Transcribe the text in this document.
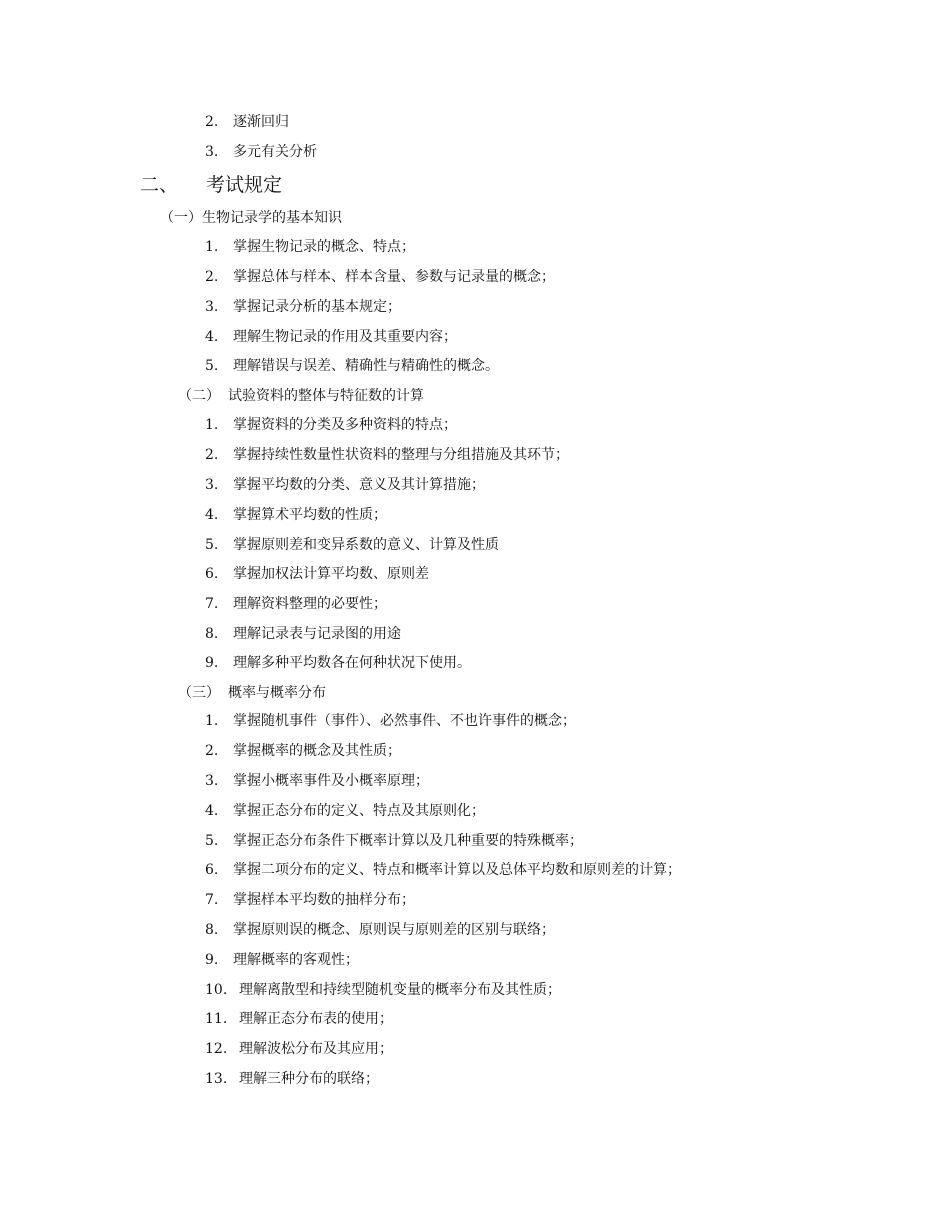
2. 逐渐回归
3. 多元有关分析
二、 考试规定
（一）生物记录学的基本知识
1. 掌握生物记录的概念、特点；
2. 掌握总体与样本、样本含量、参数与记录量的概念；
3. 掌握记录分析的基本规定；
4. 理解生物记录的作用及其重要内容；
5. 理解错误与误差、精确性与精确性的概念。
（二） 试验资料的整体与特征数的计算
1. 掌握资料的分类及多种资料的特点；
2. 掌握持续性数量性状资料的整理与分组措施及其环节；
3. 掌握平均数的分类、意义及其计算措施；
4. 掌握算术平均数的性质；
5. 掌握原则差和变异系数的意义、计算及性质
6. 掌握加权法计算平均数、原则差
7. 理解资料整理的必要性；
8. 理解记录表与记录图的用途
9. 理解多种平均数各在何种状况下使用。
（三） 概率与概率分布
1. 掌握随机事件（事件）、必然事件、不也许事件的概念；
2. 掌握概率的概念及其性质；
3. 掌握小概率事件及小概率原理；
4. 掌握正态分布的定义、特点及其原则化；
5. 掌握正态分布条件下概率计算以及几种重要的特殊概率；
6. 掌握二项分布的定义、特点和概率计算以及总体平均数和原则差的计算；
7. 掌握样本平均数的抽样分布；
8. 掌握原则误的概念、原则误与原则差的区别与联络；
9. 理解概率的客观性；
10. 理解离散型和持续型随机变量的概率分布及其性质；
11. 理解正态分布表的使用；
12. 理解波松分布及其应用；
13. 理解三种分布的联络；
